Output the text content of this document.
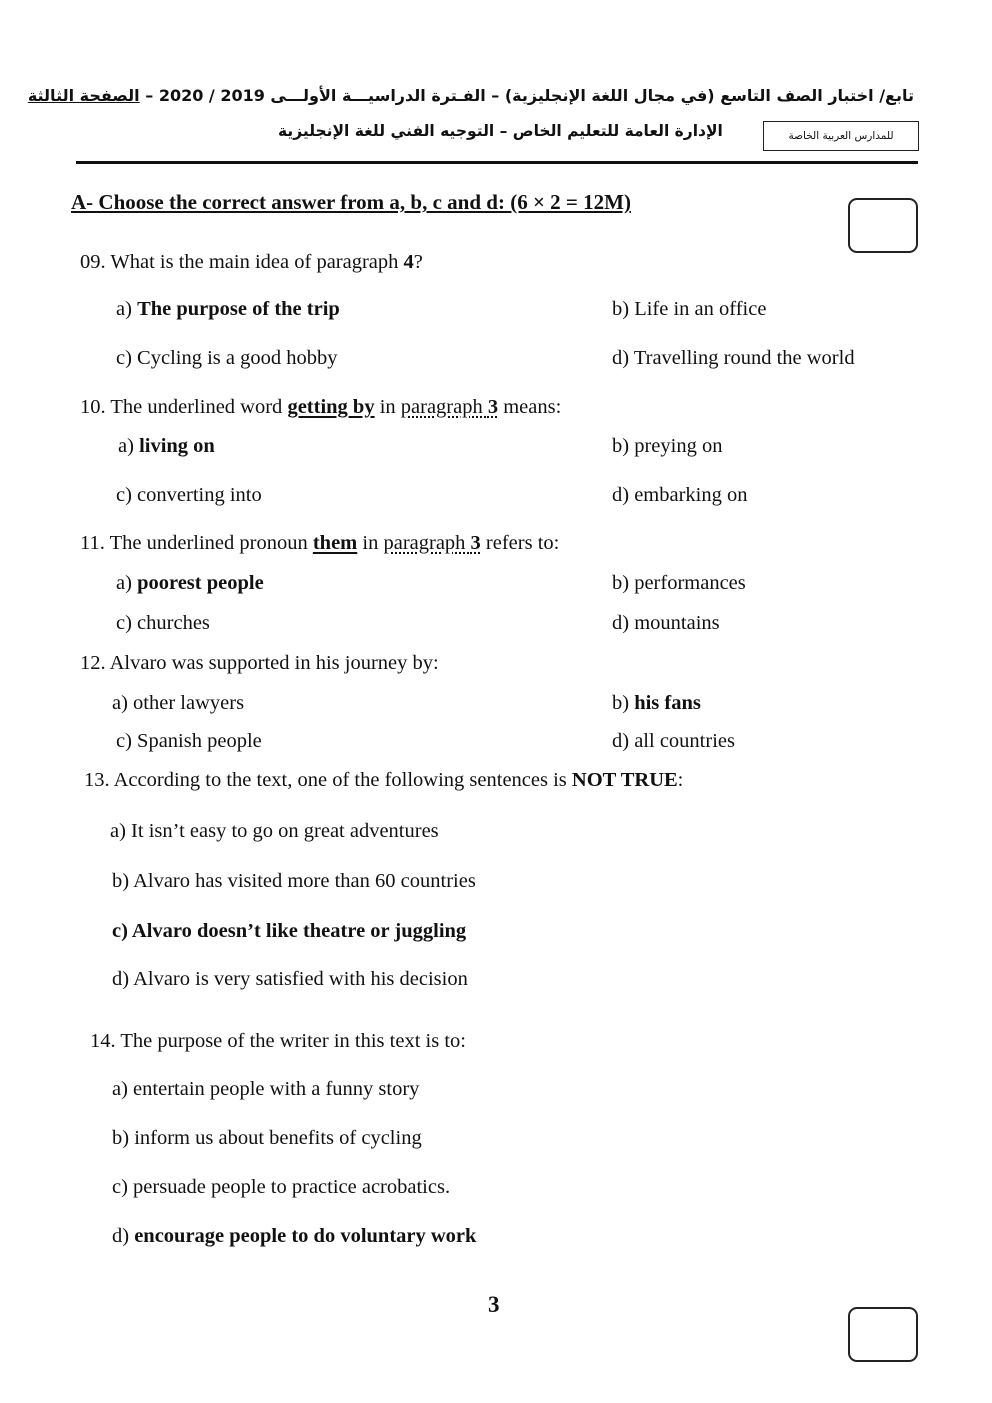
تابع/ اختبار الصف التاسع (في مجال اللغة الإنجليزية) – الفـترة الدراسيـــة الأولـــى 2019 / 2020 – الصفحة الثالثة
الإدارة العامة للتعليم الخاص – التوجيه الفني للغة الإنجليزية	للمدارس العربية الخاصة
A- Choose the correct answer from a, b, c and d: (6 × 2 = 12M)
09. What is the main idea of paragraph 4?
a) The purpose of the trip	b) Life in an office
c) Cycling is a good hobby	d) Travelling round the world
10. The underlined word getting by in paragraph 3 means:
a) living on	b) preying on
c) converting into	d) embarking on
11. The underlined pronoun them in paragraph 3 refers to:
a) poorest people	b) performances
c) churches	d) mountains
12. Alvaro was supported in his journey by:
a) other lawyers	b) his fans
c) Spanish people	d) all countries
13. According to the text, one of the following sentences is NOT TRUE:
a) It isn’t easy to go on great adventures
b) Alvaro has visited more than 60 countries
c) Alvaro doesn’t like theatre or juggling
d) Alvaro is very satisfied with his decision
14. The purpose of the writer in this text is to:
a) entertain people with a funny story
b) inform us about benefits of cycling
c) persuade people to practice acrobatics.
d) encourage people to do voluntary work
3
